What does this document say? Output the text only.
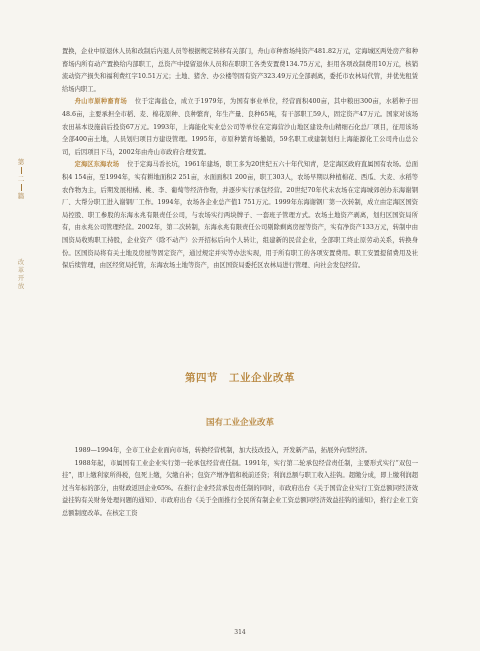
第
二
篇
改
革
开
放

置换，企业中原退休人员和改制后内退人员等根据规定转移有关部门，舟山市种畜场纯资产481.82万元，定海城区两处房产和种畜场内所有动产置换给内部职工，总资产中提留退休人员和在职职工各类安置费134.75万元，拒用各项改制费用10万元，核销流动资产损失和福利费红字10.51万元；土地、猪舍、办公楼等固有资产323.49万元全部剥离，委托市农林局代管，并优先租赁给场内职工。

舟山市原种畜育场 位于定海盐仓，成立于1979年，为国有事业单位，经营面积400亩，其中粮田300亩，水稻种子田48.6亩，主要承担全市稻、麦、棉花原种、良种繁育，年生产量、良种65吨，有干部职工59人，固定资产47万元。国家对该场农田基本设施前后投资67万元。1993年，上海能化实业总公司等单位在定海营沙山地区建设舟山精细石化总厂项目，征用该场全部400亩土地，人员划归项目方建设管理。1995年，市原种繁育场撤销，59名职工或建制划归上海能源化工公司舟山总公司，后因项目下马，2002年由舟山市政府合理安置。

定海区东海农场 位于定海马岙长坑，1961年建场，职工多为20世纪五六十年代知青，是定海区政府直属国有农场。总面积4 154亩，至1994年，实有耕地面积2 251亩，水面面积1 200亩，职工303人，农场早期以种植棉花、西瓜、大麦、水稻等农作物为主，后期发展柑橘、桃、李、葡萄等经济作物，并逐步实行承包经营。20世纪70年代末农场在定海城郊创办东海谢钢厂、大帮分职工进入谢钢厂工作。1994年，农场各企业总产值1 751万元。1999年东海谢钢厂第一次转制，成立由定海区国资局控股、职工参股的东海永兆有限责任公司，与农场实行两块牌子、一套班子管理方式。农场土地资产剥离，划归区国资局所有，由永兆公司管理经营。2002年，第二次转制，东海永兆有限责任公司剔除剩离房屋等资产，实有净资产133万元，转制中由国资局收购职工持股，企业资产（除不动产）公开招标后向个人转让，组建新的民营企业，全部职工终止原劳动关系，转换身份。区国资局将有关土地及房屋等固定资产，通过规定并实等办法实现，用于所有职工的各项安置费用。职工安置提留费用及社保后续管理，由区经贸局托管，东海农场土地等资产，由区国资局委托区农林局进行管理、向社会发包经营。

第四节　工业企业改革
国有工业企业改革

1989—1994年，全市工业企业面向市场，转换经营机制，加大技改投入，开发新产品，拓展外向型经济。

1988年起，市属国有工业企业实行第一轮承包经营责任制。1991年，实行第二轮承包经营责任制，主要形式实行“双包一挂”，即上缴利家所得税，包死上缴，欠缴自补；包资产增净值和税前还贷；利润总额与职工收入挂钩。超缴分成，即上缴利润超过当年标的部分，由财政返回企业65%。在推行企业经营承包责任制的同时，市政府出台《关于国营企业实行工资总额同经济效益挂钩有关财务处理问题的通知》、市政府出台《关于全面推行全民所有制企业工资总额同经济效益挂钩的通知》，推行企业工资总额制度改革。在核定工资

314
